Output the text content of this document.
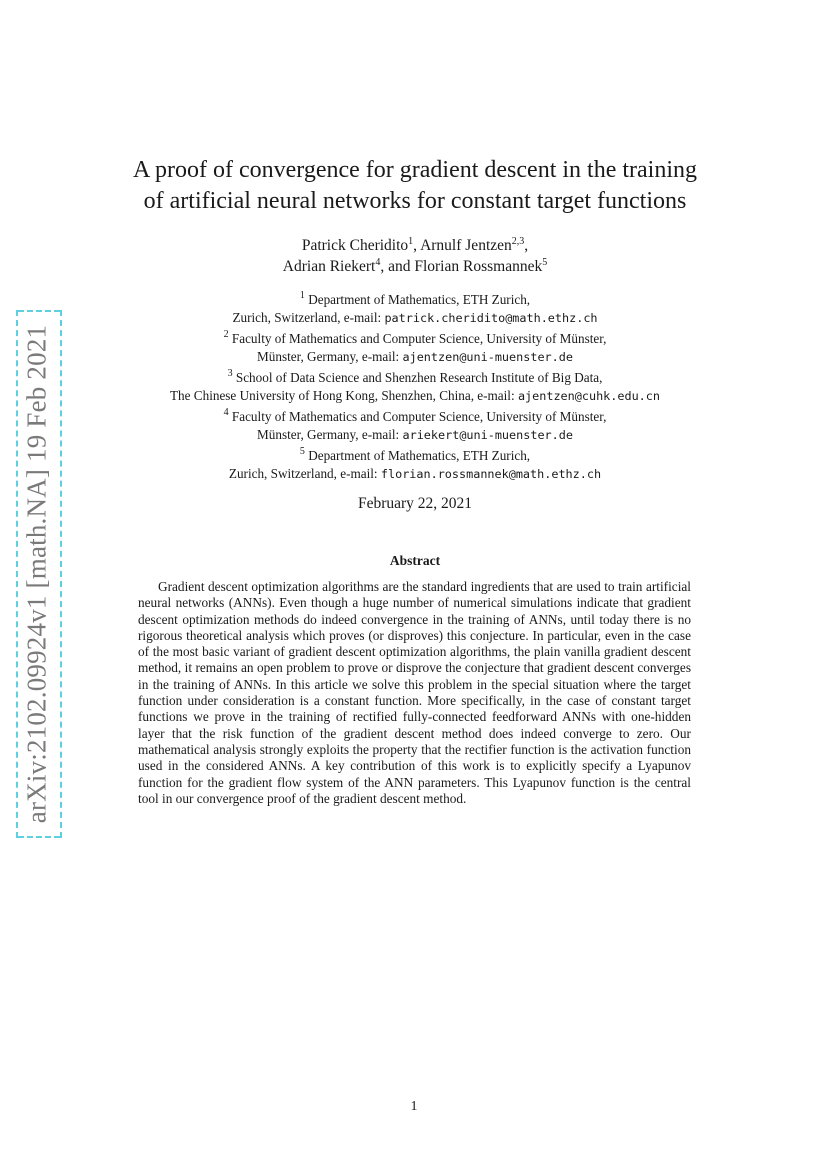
arXiv:2102.09924v1 [math.NA] 19 Feb 2021
A proof of convergence for gradient descent in the training
of artificial neural networks for constant target functions
Patrick Cheridito$^1$, Arnulf Jentzen$^{2,3}$,
Adrian Riekert$^4$, and Florian Rossmannek$^5$
$^1$ Department of Mathematics, ETH Zurich,
Zurich, Switzerland, e-mail: patrick.cheridito@math.ethz.ch
$^2$ Faculty of Mathematics and Computer Science, University of Münster,
Münster, Germany, e-mail: ajentzen@uni-muenster.de
$^3$ School of Data Science and Shenzhen Research Institute of Big Data,
The Chinese University of Hong Kong, Shenzhen, China, e-mail: ajentzen@cuhk.edu.cn
$^4$ Faculty of Mathematics and Computer Science, University of Münster,
Münster, Germany, e-mail: ariekert@uni-muenster.de
$^5$ Department of Mathematics, ETH Zurich,
Zurich, Switzerland, e-mail: florian.rossmannek@math.ethz.ch
February 22, 2021
Abstract
Gradient descent optimization algorithms are the standard ingredients that are used to train artificial neural networks (ANNs). Even though a huge number of numerical simulations indicate that gradient descent optimization methods do indeed convergence in the training of ANNs, until today there is no rigorous theoretical analysis which proves (or disproves) this conjecture. In particular, even in the case of the most basic variant of gradient descent optimization algorithms, the plain vanilla gradient descent method, it remains an open problem to prove or disprove the conjecture that gradient descent converges in the training of ANNs. In this article we solve this problem in the special situation where the target function under consideration is a constant function. More specifically, in the case of constant target functions we prove in the training of rectified fully-connected feedforward ANNs with one-hidden layer that the risk function of the gradient descent method does indeed converge to zero. Our mathematical analysis strongly exploits the property that the rectifier function is the activation function used in the considered ANNs. A key contribution of this work is to explicitly specify a Lyapunov function for the gradient flow system of the ANN parameters. This Lyapunov function is the central tool in our convergence proof of the gradient descent method.
1
